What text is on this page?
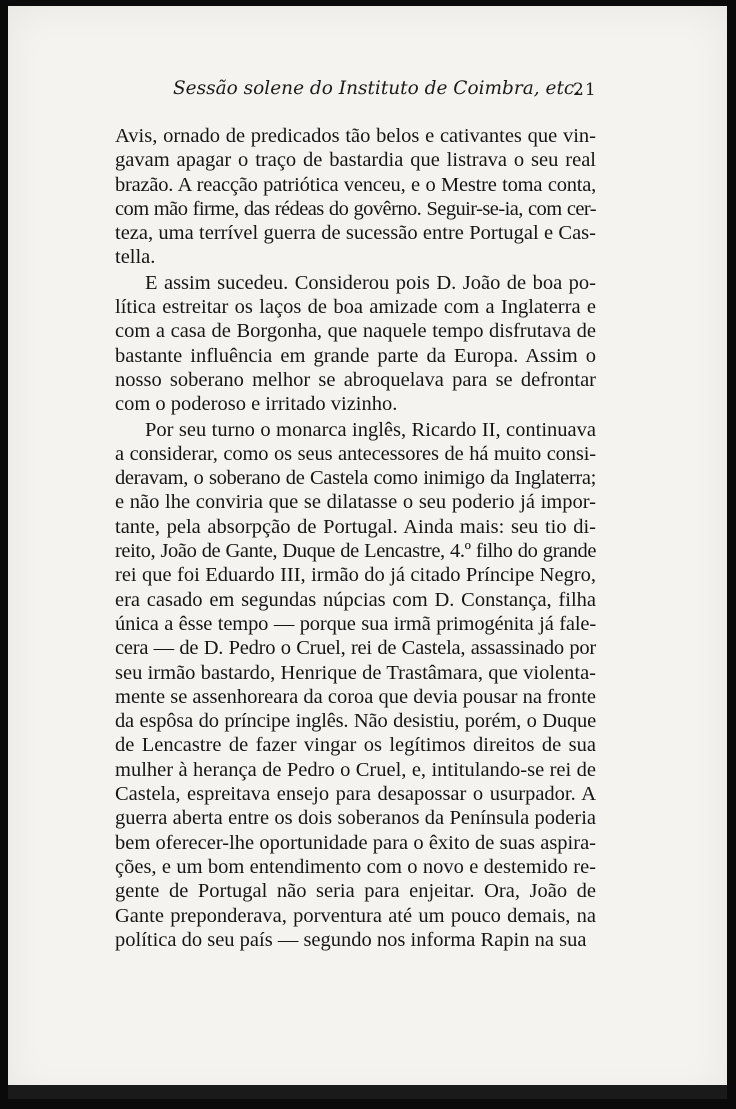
Sessão solene do Instituto de Coimbra, etc.
21

Avis, ornado de predicados tão belos e cativantes que vin-
gavam apagar o traço de bastardia que listrava o seu real
brazão. A reacção patriótica venceu, e o Mestre toma conta,
com mão firme, das rédeas do govêrno. Seguir-se-ia, com cer-
teza, uma terrível guerra de sucessão entre Portugal e Cas-
tella.

E assim sucedeu. Considerou pois D. João de boa po-
lítica estreitar os laços de boa amizade com a Inglaterra e
com a casa de Borgonha, que naquele tempo disfrutava de
bastante influência em grande parte da Europa. Assim o
nosso soberano melhor se abroquelava para se defrontar
com o poderoso e irritado vizinho.

Por seu turno o monarca inglês, Ricardo II, continuava
a considerar, como os seus antecessores de há muito consi-
deravam, o soberano de Castela como inimigo da Inglaterra;
e não lhe conviria que se dilatasse o seu poderio já impor-
tante, pela absorpção de Portugal. Ainda mais: seu tio di-
reito, João de Gante, Duque de Lencastre, 4.º filho do grande
rei que foi Eduardo III, irmão do já citado Príncipe Negro,
era casado em segundas núpcias com D. Constança, filha
única a êsse tempo — porque sua irmã primogénita já fale-
cera — de D. Pedro o Cruel, rei de Castela, assassinado por
seu irmão bastardo, Henrique de Trastâmara, que violenta-
mente se assenhoreara da coroa que devia pousar na fronte
da espôsa do príncipe inglês. Não desistiu, porém, o Duque
de Lencastre de fazer vingar os legítimos direitos de sua
mulher à herança de Pedro o Cruel, e, intitulando-se rei de
Castela, espreitava ensejo para desapossar o usurpador. A
guerra aberta entre os dois soberanos da Península poderia
bem oferecer-lhe oportunidade para o êxito de suas aspira-
ções, e um bom entendimento com o novo e destemido re-
gente de Portugal não seria para enjeitar. Ora, João de
Gante preponderava, porventura até um pouco demais, na
política do seu país — segundo nos informa Rapin na sua
